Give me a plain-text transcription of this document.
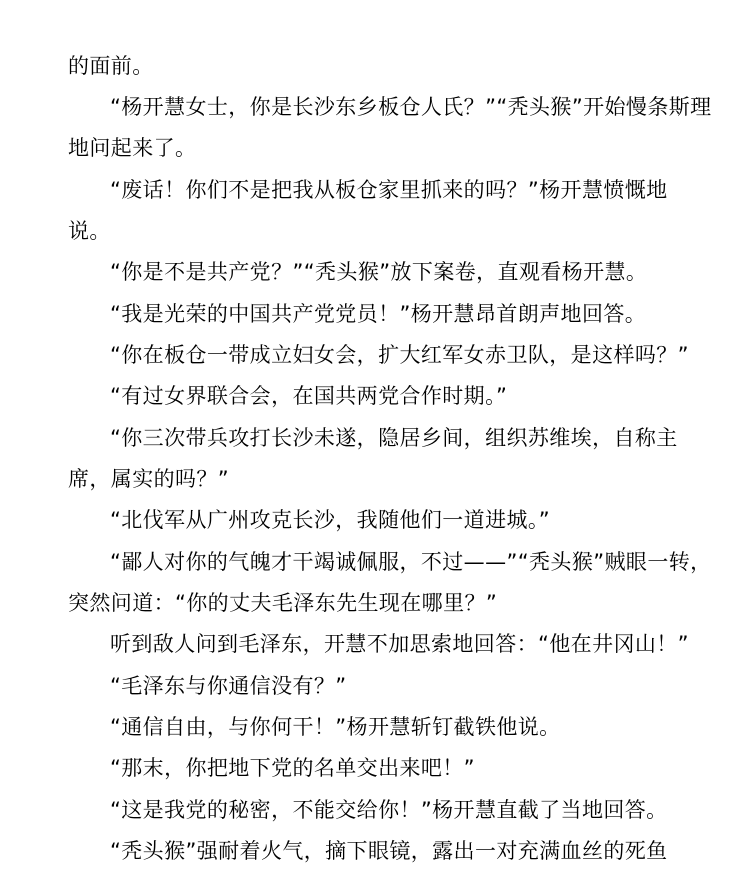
的面前。
“杨开慧女士，你是长沙东乡板仓人氏？”“秃头猴”开始慢条斯理
地问起来了。
“废话！你们不是把我从板仓家里抓来的吗？”杨开慧愤慨地
说。
“你是不是共产党？”“秃头猴”放下案卷，直观看杨开慧。
“我是光荣的中国共产党党员！”杨开慧昂首朗声地回答。
“你在板仓一带成立妇女会，扩大红军女赤卫队，是这样吗？”
“有过女界联合会，在国共两党合作时期。”
“你三次带兵攻打长沙未遂，隐居乡间，组织苏维埃，自称主
席，属实的吗？”
“北伐军从广州攻克长沙，我随他们一道进城。”
“鄙人对你的气魄才干竭诚佩服，不过——”“秃头猴”贼眼一转，
突然问道：“你的丈夫毛泽东先生现在哪里？”
听到敌人问到毛泽东，开慧不加思索地回答：“他在井冈山！”
“毛泽东与你通信没有？”
“通信自由，与你何干！”杨开慧斩钉截铁他说。
“那末，你把地下党的名单交出来吧！”
“这是我党的秘密，不能交给你！”杨开慧直截了当地回答。
“秃头猴”强耐着火气，摘下眼镜，露出一对充满血丝的死鱼
